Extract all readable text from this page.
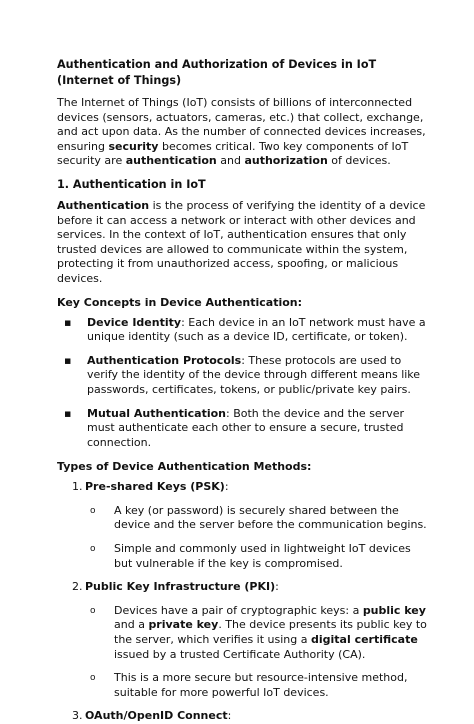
Authentication and Authorization of Devices in IoT (Internet of Things)

The Internet of Things (IoT) consists of billions of interconnected devices (sensors, actuators, cameras, etc.) that collect, exchange, and act upon data. As the number of connected devices increases, ensuring security becomes critical. Two key components of IoT security are authentication and authorization of devices.

1. Authentication in IoT

Authentication is the process of verifying the identity of a device before it can access a network or interact with other devices and services. In the context of IoT, authentication ensures that only trusted devices are allowed to communicate within the system, protecting it from unauthorized access, spoofing, or malicious devices.

Key Concepts in Device Authentication:
▪ Device Identity: Each device in an IoT network must have a unique identity (such as a device ID, certificate, or token).
▪ Authentication Protocols: These protocols are used to verify the identity of the device through different means like passwords, certificates, tokens, or public/private key pairs.
▪ Mutual Authentication: Both the device and the server must authenticate each other to ensure a secure, trusted connection.
Types of Device Authentication Methods:
1. Pre-shared Keys (PSK):
o A key (or password) is securely shared between the device and the server before the communication begins.
o Simple and commonly used in lightweight IoT devices but vulnerable if the key is compromised.
2. Public Key Infrastructure (PKI):
o Devices have a pair of cryptographic keys: a public key and a private key. The device presents its public key to the server, which verifies it using a digital certificate issued by a trusted Certificate Authority (CA).
o This is a more secure but resource-intensive method, suitable for more powerful IoT devices.
3. OAuth/OpenID Connect:
